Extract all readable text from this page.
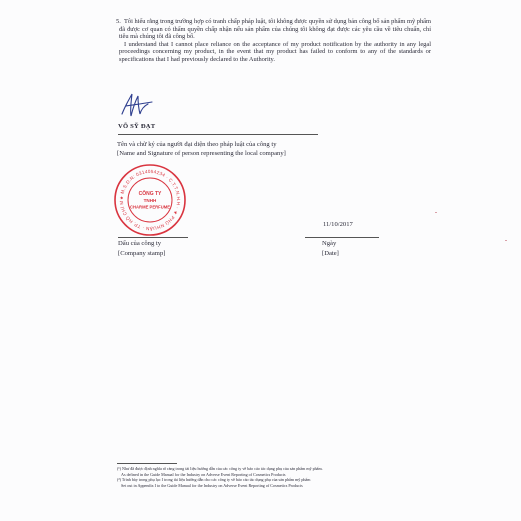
5. Tôi hiểu rằng trong trường hợp có tranh chấp pháp luật, tôi không được quyền sử dụng bản công bố sản phẩm mỹ phẩm đã được cơ quan có thẩm quyền chấp nhận nếu sản phẩm của chúng tôi không đạt được các yêu cầu về tiêu chuẩn, chỉ tiêu mà chúng tôi đã công bố.
I understand that I cannot place reliance on the acceptance of my product notification by the authority in any legal proceedings concerning my product, in the event that my product has failed to conform to any of the standards or specifications that I had previously declared to the Authority.
VÕ SỸ ĐẠT
Tên và chữ ký của người đại diện theo pháp luật của công ty
[Name and Signature of person representing the local company]
★ M.S.D.N: 0314054234 · C.T.T.N.H.H · ★ PHÚ NHUẬN · TP. HỒ CHÍ M
CÔNG TY
TNHH
CHARME PERFUME
11/10/2017
Dấu của công ty
[Company stamp]
Ngày
[Date]
(¹) Như đã được định nghĩa rõ ràng trong tài liệu hướng dẫn của các công ty về báo cáo tác dụng phụ của sản phẩm mỹ phẩm.
As defined in the Guide Manual for the Industry on Adverse Event Reporting of Cosmetics Products
(²) Trình bày trong phụ lục I trong tài liệu hướng dẫn cho các công ty về báo cáo tác dụng phụ của sản phẩm mỹ phẩm
Set out in Appendix I to the Guide Manual for the Industry on Adverse Event Reporting of Cosmetics Products
